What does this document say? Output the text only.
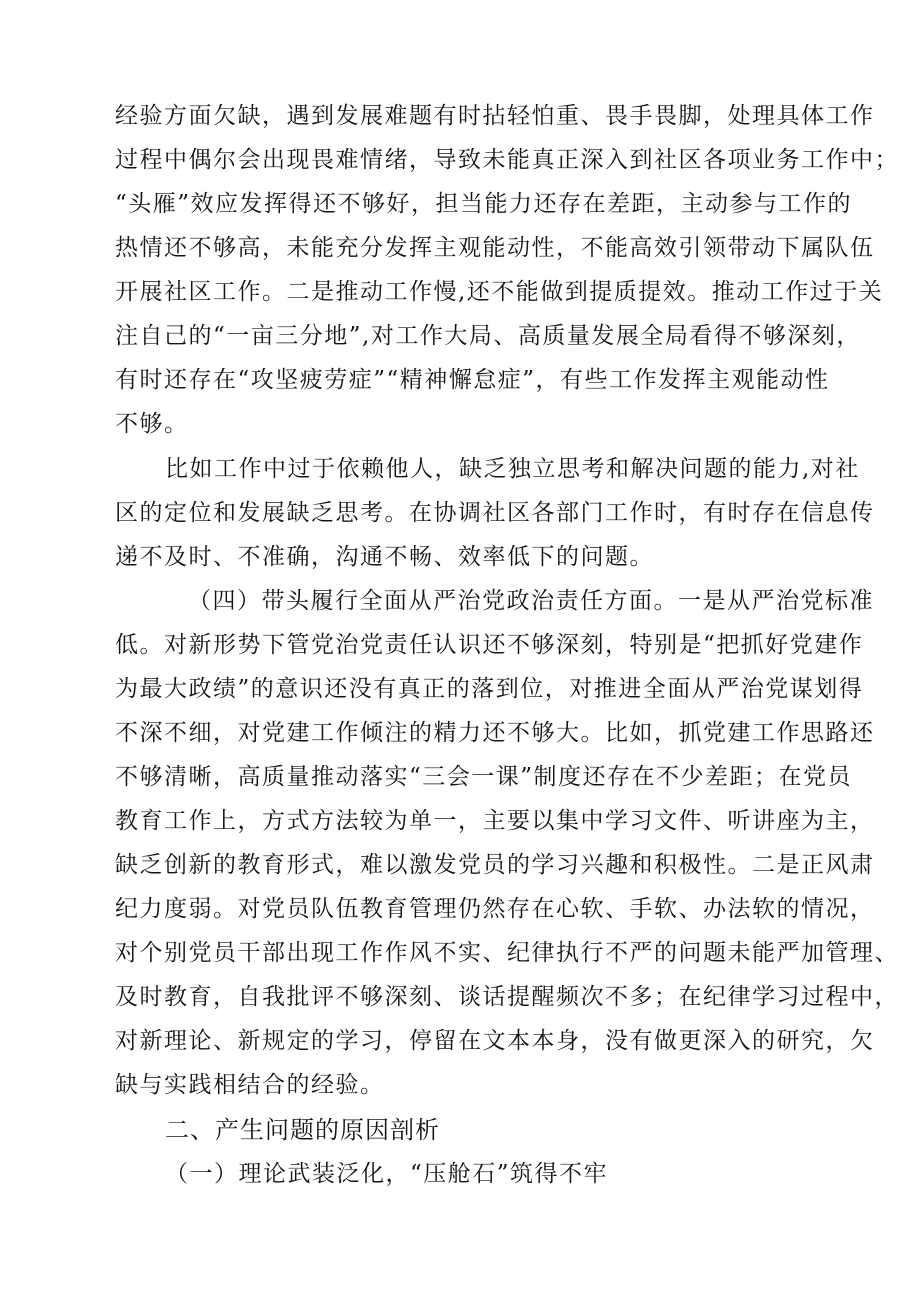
经验方面欠缺，遇到发展难题有时拈轻怕重、畏手畏脚，处理具体工作
过程中偶尔会出现畏难情绪，导致未能真正深入到社区各项业务工作中；
“头雁”效应发挥得还不够好，担当能力还存在差距，主动参与工作的
热情还不够高，未能充分发挥主观能动性，不能高效引领带动下属队伍
开展社区工作。二是推动工作慢,还不能做到提质提效。推动工作过于关
注自己的“一亩三分地”,对工作大局、高质量发展全局看得不够深刻，
有时还存在“攻坚疲劳症”“精神懈怠症”，有些工作发挥主观能动性
不够。
比如工作中过于依赖他人，缺乏独立思考和解决问题的能力,对社
区的定位和发展缺乏思考。在协调社区各部门工作时，有时存在信息传
递不及时、不准确，沟通不畅、效率低下的问题。
（四）带头履行全面从严治党政治责任方面。一是从严治党标准
低。对新形势下管党治党责任认识还不够深刻，特别是“把抓好党建作
为最大政绩”的意识还没有真正的落到位，对推进全面从严治党谋划得
不深不细，对党建工作倾注的精力还不够大。比如，抓党建工作思路还
不够清晰，高质量推动落实“三会一课”制度还存在不少差距；在党员
教育工作上，方式方法较为单一，主要以集中学习文件、听讲座为主，
缺乏创新的教育形式，难以激发党员的学习兴趣和积极性。二是正风肃
纪力度弱。对党员队伍教育管理仍然存在心软、手软、办法软的情况，
对个别党员干部出现工作作风不实、纪律执行不严的问题未能严加管理、
及时教育，自我批评不够深刻、谈话提醒频次不多；在纪律学习过程中，
对新理论、新规定的学习，停留在文本本身，没有做更深入的研究，欠
缺与实践相结合的经验。
二、产生问题的原因剖析
（一）理论武装泛化，“压舱石”筑得不牢
